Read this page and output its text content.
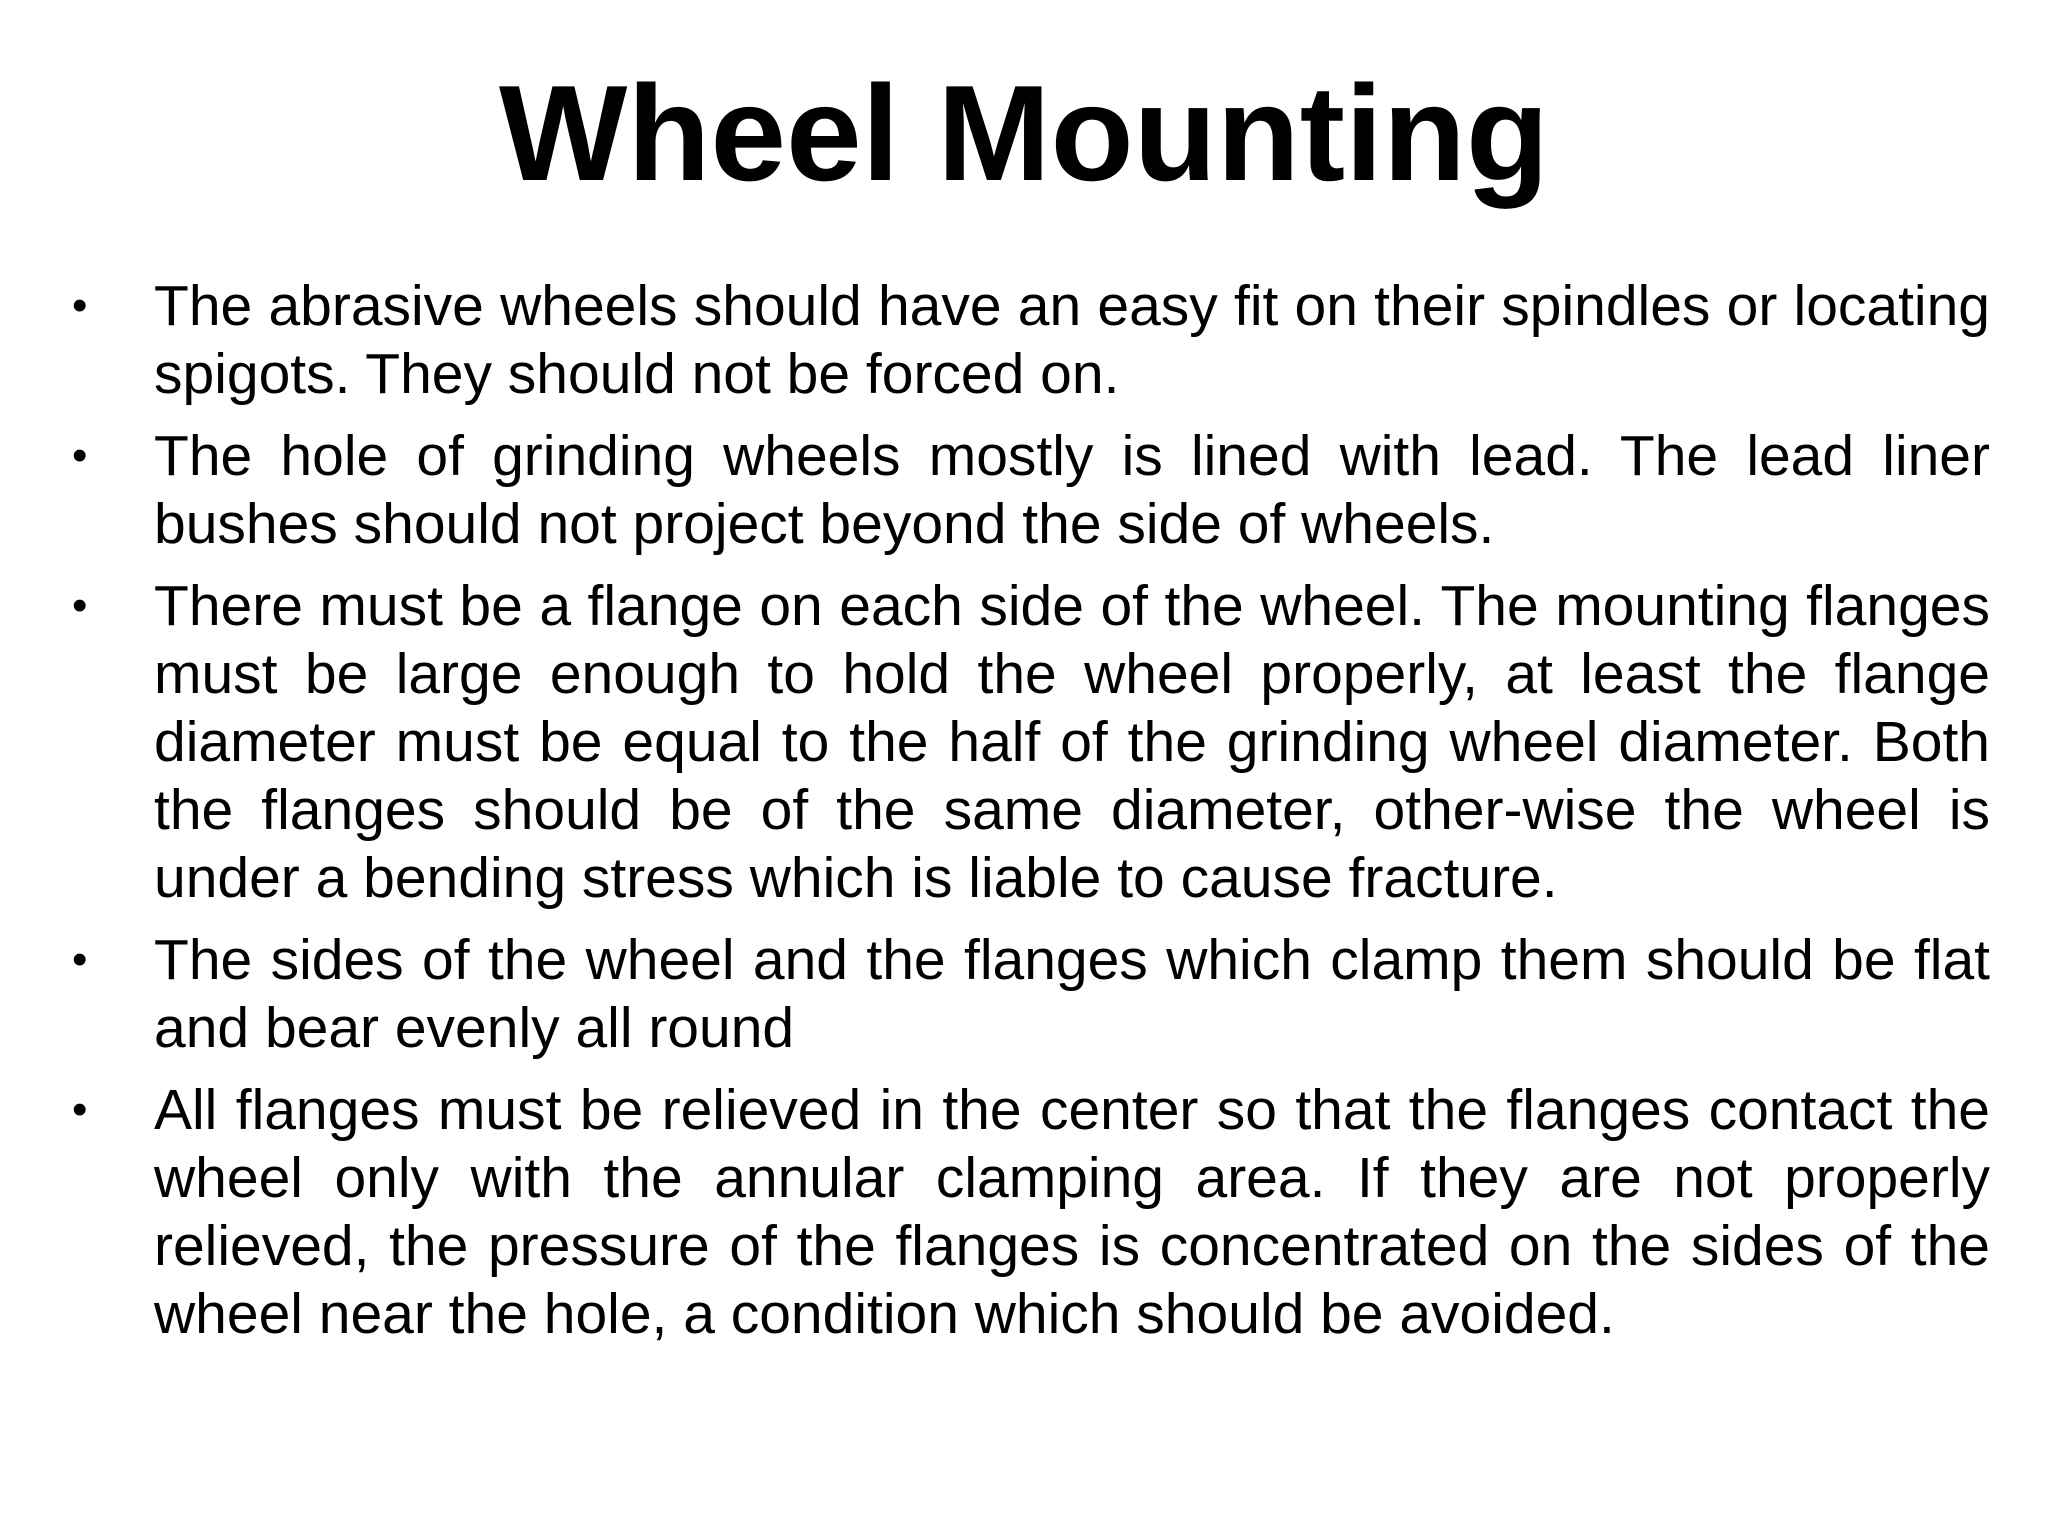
Wheel Mounting
•	The abrasive wheels should have an easy fit on their spindles or locating spigots. They should not be forced on.
•	The hole of grinding wheels mostly is lined with lead. The lead liner bushes should not project beyond the side of wheels.
•	There must be a flange on each side of the wheel. The mounting flanges must be large enough to hold the wheel properly, at least the flange diameter must be equal to the half of the grinding wheel diameter. Both the flanges should be of the same diameter, other-wise the wheel is under a bending stress which is liable to cause fracture.
•	The sides of the wheel and the flanges which clamp them should be flat and bear evenly all round
•	All flanges must be relieved in the center so that the flanges contact the wheel only with the annular clamping area. If they are not properly relieved, the pressure of the flanges is concentrated on the sides of the wheel near the hole, a condition which should be avoided.
